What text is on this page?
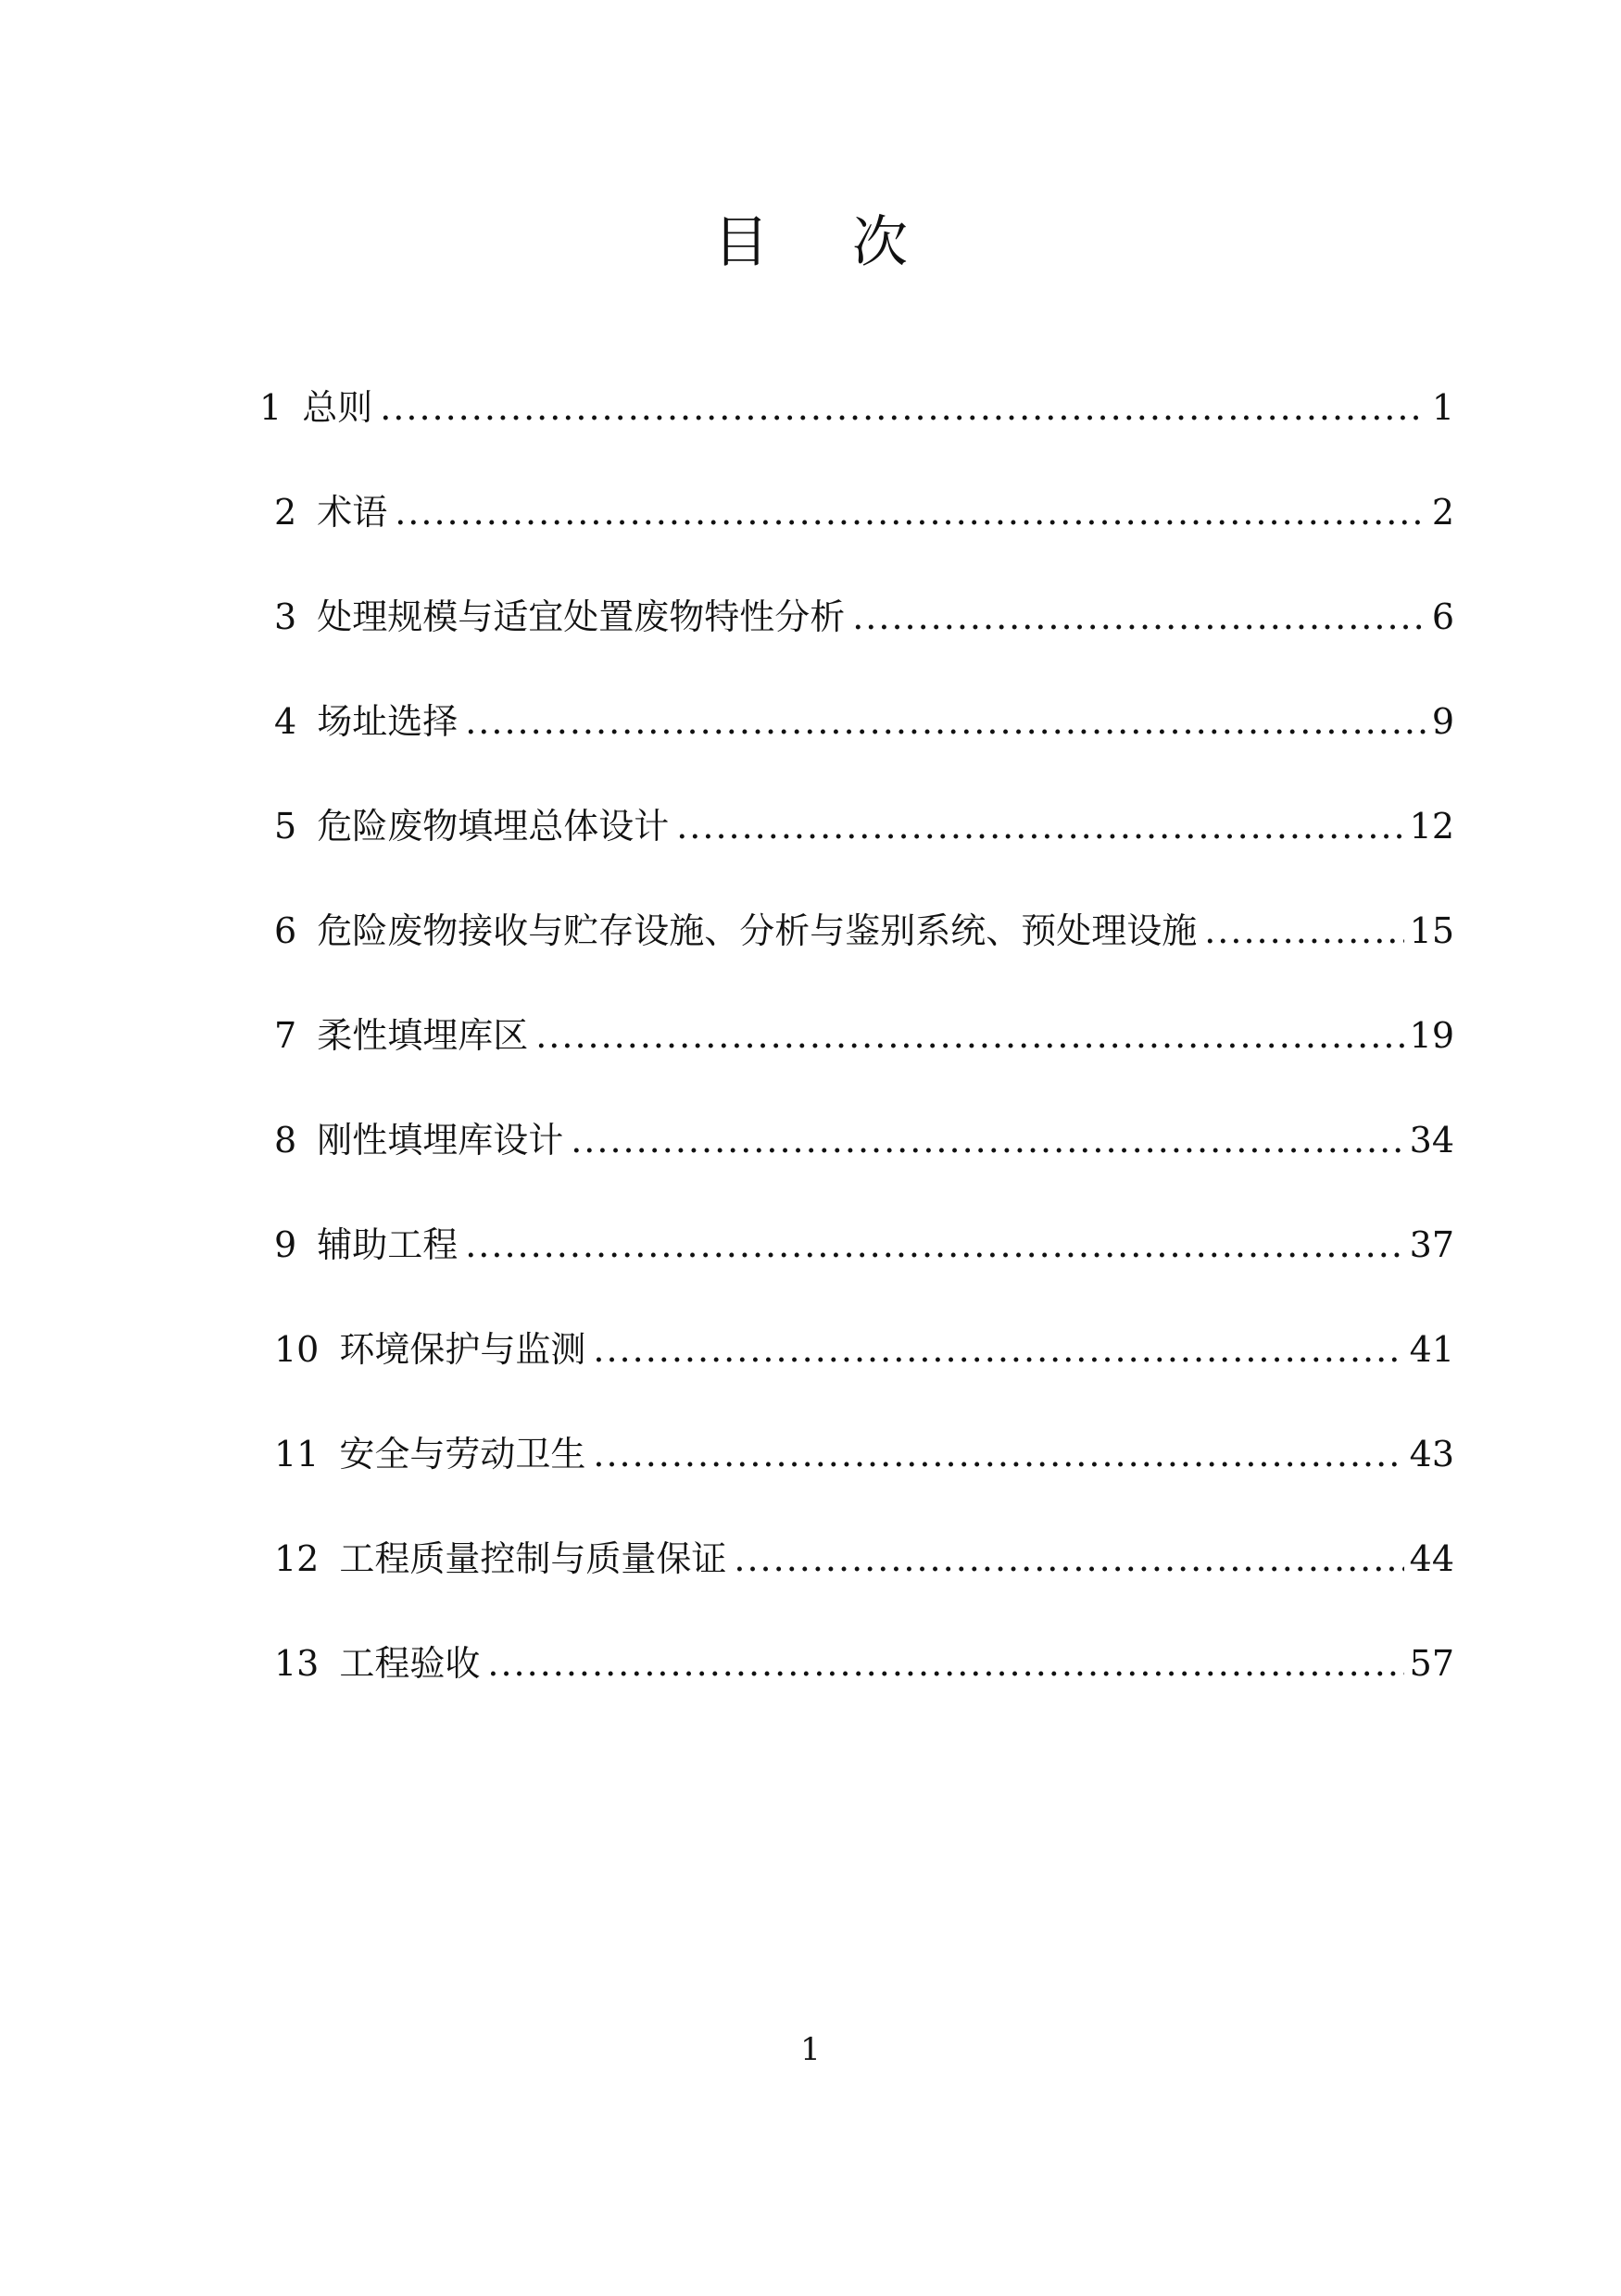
目 次
1 总则 .....	1
2 术语 .....	2
3 处理规模与适宜处置废物特性分析 .....	6
4 场址选择 .....	9
5 危险废物填埋总体设计 .....	12
6 危险废物接收与贮存设施、分析与鉴别系统、预处理设施 .....	15
7 柔性填埋库区 .....	19
8 刚性填埋库设计 .....	34
9 辅助工程 .....	37
10 环境保护与监测 .....	41
11 安全与劳动卫生 .....	43
12 工程质量控制与质量保证 .....	44
13 工程验收 .....	57
1
